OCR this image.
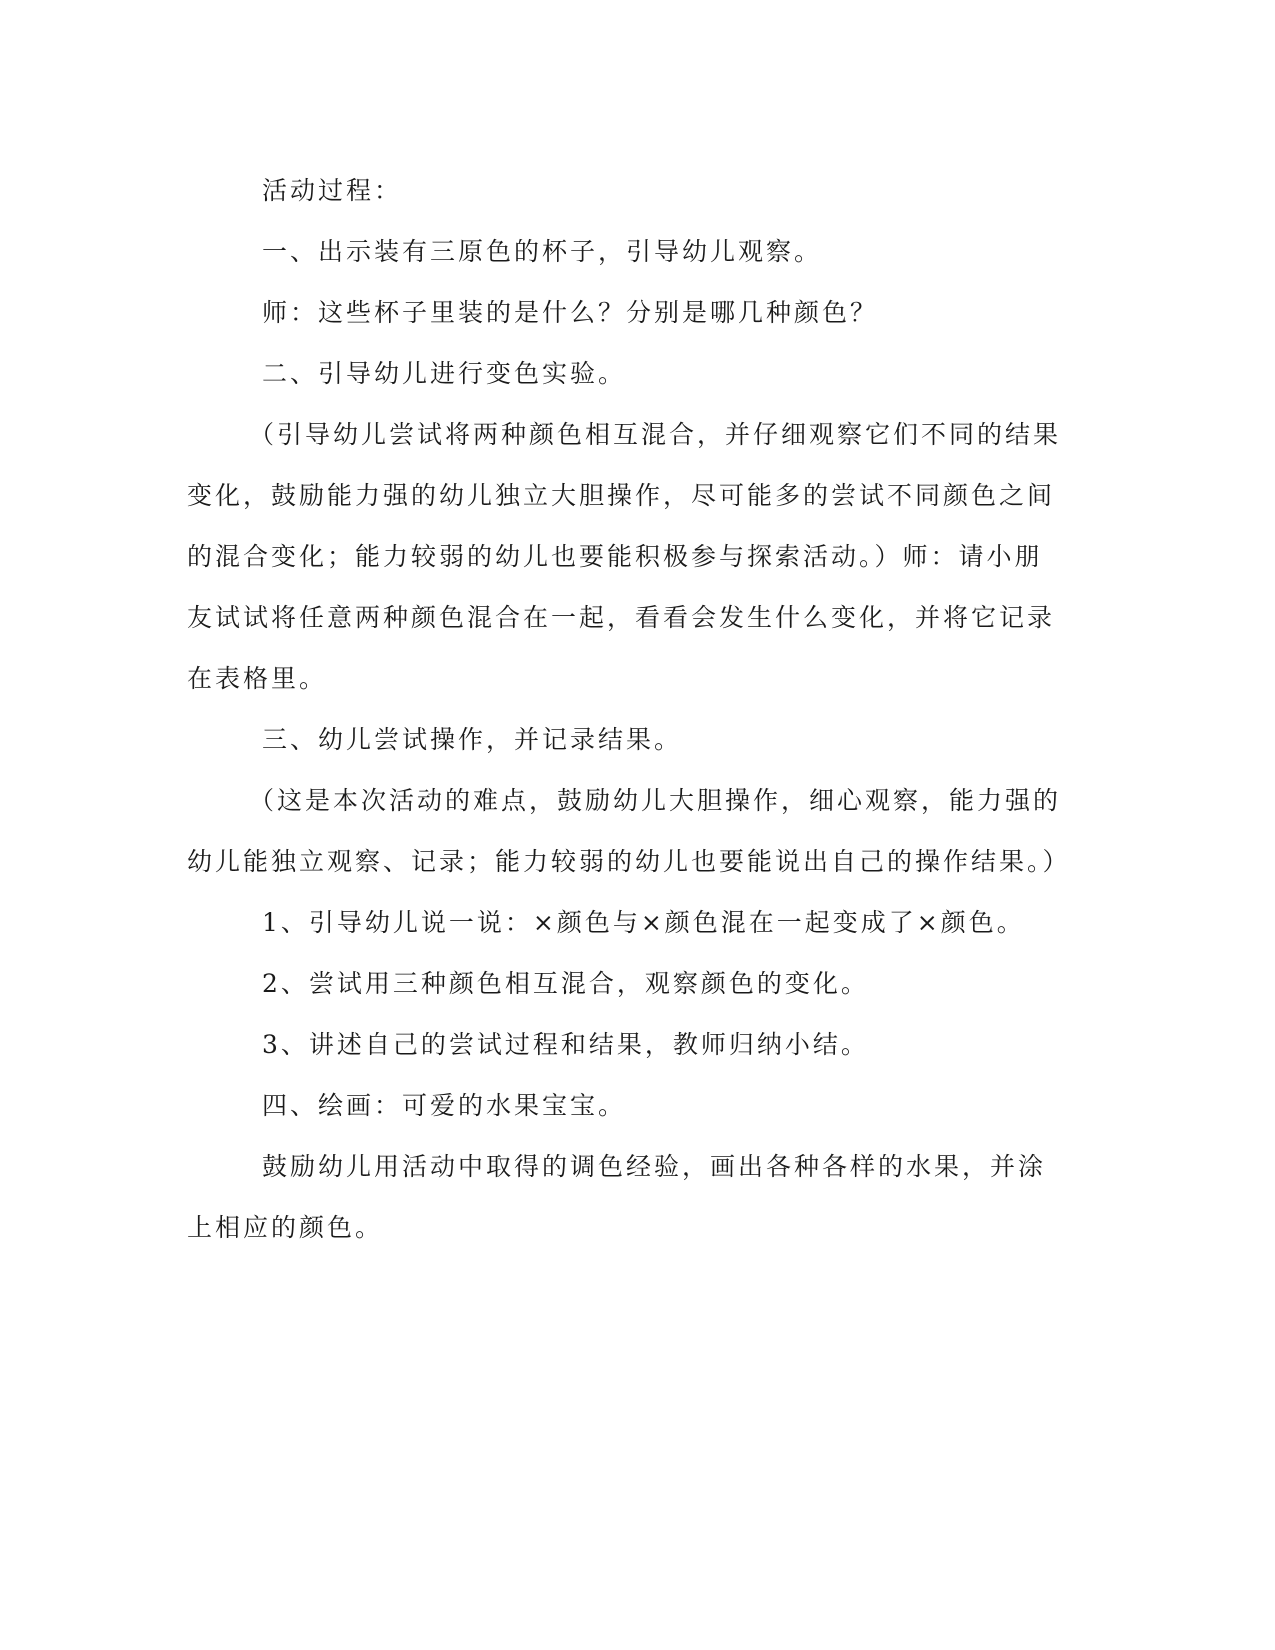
活动过程：

一、出示装有三原色的杯子，引导幼儿观察。

师：这些杯子里装的是什么？分别是哪几种颜色？

二、引导幼儿进行变色实验。

（引导幼儿尝试将两种颜色相互混合，并仔细观察它们不同的结果变化，鼓励能力强的幼儿独立大胆操作，尽可能多的尝试不同颜色之间的混合变化；能力较弱的幼儿也要能积极参与探索活动。）师：请小朋友试试将任意两种颜色混合在一起，看看会发生什么变化，并将它记录在表格里。

三、幼儿尝试操作，并记录结果。

（这是本次活动的难点，鼓励幼儿大胆操作，细心观察，能力强的幼儿能独立观察、记录；能力较弱的幼儿也要能说出自己的操作结果。）

1、引导幼儿说一说：×颜色与×颜色混在一起变成了×颜色。

2、尝试用三种颜色相互混合，观察颜色的变化。

3、讲述自己的尝试过程和结果，教师归纳小结。

四、绘画：可爱的水果宝宝。

鼓励幼儿用活动中取得的调色经验，画出各种各样的水果，并涂上相应的颜色。
